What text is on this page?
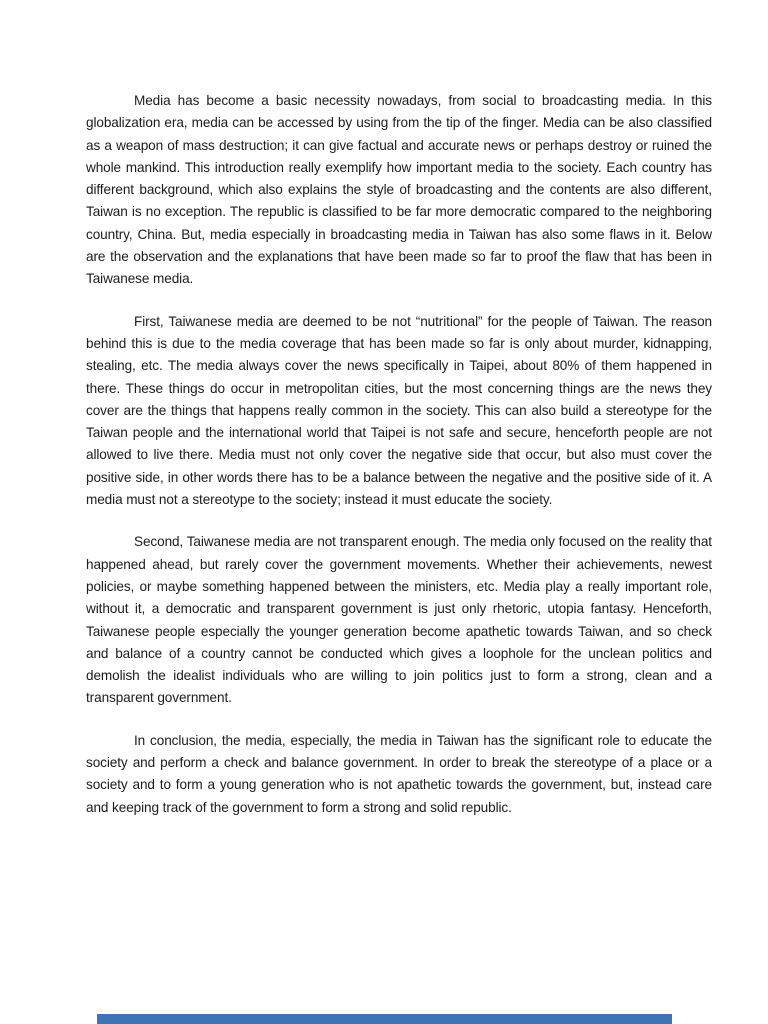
Media has become a basic necessity nowadays, from social to broadcasting media. In this globalization era, media can be accessed by using from the tip of the finger. Media can be also classified as a weapon of mass destruction; it can give factual and accurate news or perhaps destroy or ruined the whole mankind. This introduction really exemplify how important media to the society. Each country has different background, which also explains the style of broadcasting and the contents are also different, Taiwan is no exception. The republic is classified to be far more democratic compared to the neighboring country, China. But, media especially in broadcasting media in Taiwan has also some flaws in it. Below are the observation and the explanations that have been made so far to proof the flaw that has been in Taiwanese media.

First, Taiwanese media are deemed to be not “nutritional” for the people of Taiwan. The reason behind this is due to the media coverage that has been made so far is only about murder, kidnapping, stealing, etc. The media always cover the news specifically in Taipei, about 80% of them happened in there. These things do occur in metropolitan cities, but the most concerning things are the news they cover are the things that happens really common in the society. This can also build a stereotype for the Taiwan people and the international world that Taipei is not safe and secure, henceforth people are not allowed to live there. Media must not only cover the negative side that occur, but also must cover the positive side, in other words there has to be a balance between the negative and the positive side of it. A media must not a stereotype to the society; instead it must educate the society.

Second, Taiwanese media are not transparent enough. The media only focused on the reality that happened ahead, but rarely cover the government movements. Whether their achievements, newest policies, or maybe something happened between the ministers, etc. Media play a really important role, without it, a democratic and transparent government is just only rhetoric, utopia fantasy. Henceforth, Taiwanese people especially the younger generation become apathetic towards Taiwan, and so check and balance of a country cannot be conducted which gives a loophole for the unclean politics and demolish the idealist individuals who are willing to join politics just to form a strong, clean and a transparent government.

In conclusion, the media, especially, the media in Taiwan has the significant role to educate the society and perform a check and balance government. In order to break the stereotype of a place or a society and to form a young generation who is not apathetic towards the government, but, instead care and keeping track of the government to form a strong and solid republic.
